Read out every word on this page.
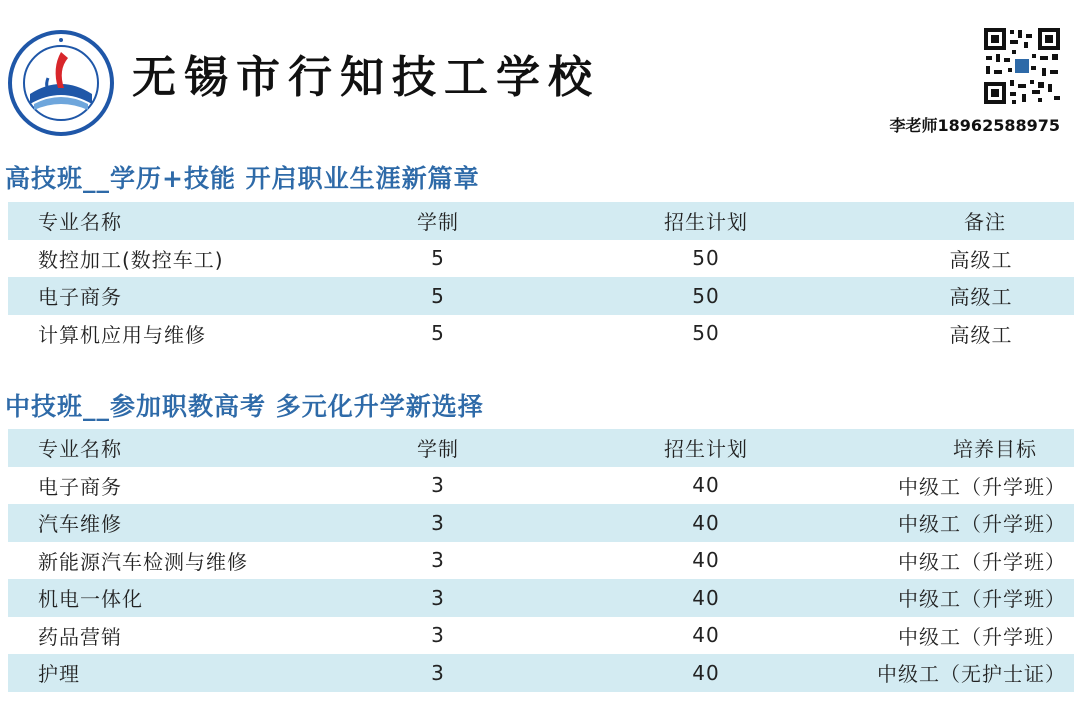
无锡市行知技工学校
李老师18962588975
高技班__学历+技能 开启职业生涯新篇章
专业名称	学制	招生计划	备注
数控加工(数控车工)	5	50	高级工
电子商务	5	50	高级工
计算机应用与维修	5	50	高级工
中技班__参加职教高考 多元化升学新选择
专业名称	学制	招生计划	培养目标
电子商务	3	40	中级工（升学班）
汽车维修	3	40	中级工（升学班）
新能源汽车检测与维修	3	40	中级工（升学班）
机电一体化	3	40	中级工（升学班）
药品营销	3	40	中级工（升学班）
护理	3	40	中级工（无护士证）
